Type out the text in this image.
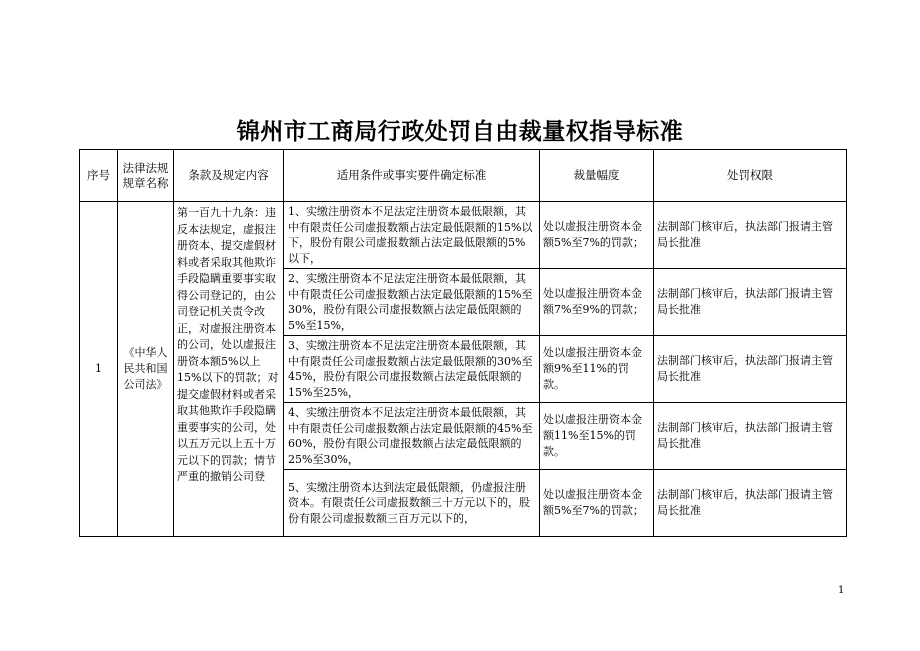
锦州市工商局行政处罚自由裁量权指导标准
序号	法律法规规章名称	条款及规定内容	适用条件或事实要件确定标准	裁量幅度	处罚权限
1	《中华人民共和国公司法》	第一百九十九条：违反本法规定，虚报注册资本、提交虚假材料或者采取其他欺诈手段隐瞒重要事实取得公司登记的，由公司登记机关责令改正，对虚报注册资本的公司，处以虚报注册资本额5%以上15%以下的罚款；对提交虚假材料或者采取其他欺诈手段隐瞒重要事实的公司，处以五万元以上五十万元以下的罚款；情节严重的撤销公司登	1、实缴注册资本不足法定注册资本最低限额，其中有限责任公司虚报数额占法定最低限额的15%以下，股份有限公司虚报数额占法定最低限额的5%以下，	处以虚报注册资本金额5%至7%的罚款；	法制部门核审后，执法部门报请主管局长批准
			2、实缴注册资本不足法定注册资本最低限额，其中有限责任公司虚报数额占法定最低限额的15%至30%，股份有限公司虚报数额占法定最低限额的5%至15%，	处以虚报注册资本金额7%至9%的罚款；	法制部门核审后，执法部门报请主管局长批准
			3、实缴注册资本不足法定注册资本最低限额，其中有限责任公司虚报数额占法定最低限额的30%至45%，股份有限公司虚报数额占法定最低限额的15%至25%，	处以虚报注册资本金额9%至11%的罚款。	法制部门核审后，执法部门报请主管局长批准
			4、实缴注册资本不足法定注册资本最低限额，其中有限责任公司虚报数额占法定最低限额的45%至60%，股份有限公司虚报数额占法定最低限额的25%至30%，	处以虚报注册资本金额11%至15%的罚款。	法制部门核审后，执法部门报请主管局长批准
			5、实缴注册资本达到法定最低限额，仍虚报注册资本。有限责任公司虚报数额三十万元以下的，股份有限公司虚报数额三百万元以下的，	处以虚报注册资本金额5%至7%的罚款；	法制部门核审后，执法部门报请主管局长批准
1
